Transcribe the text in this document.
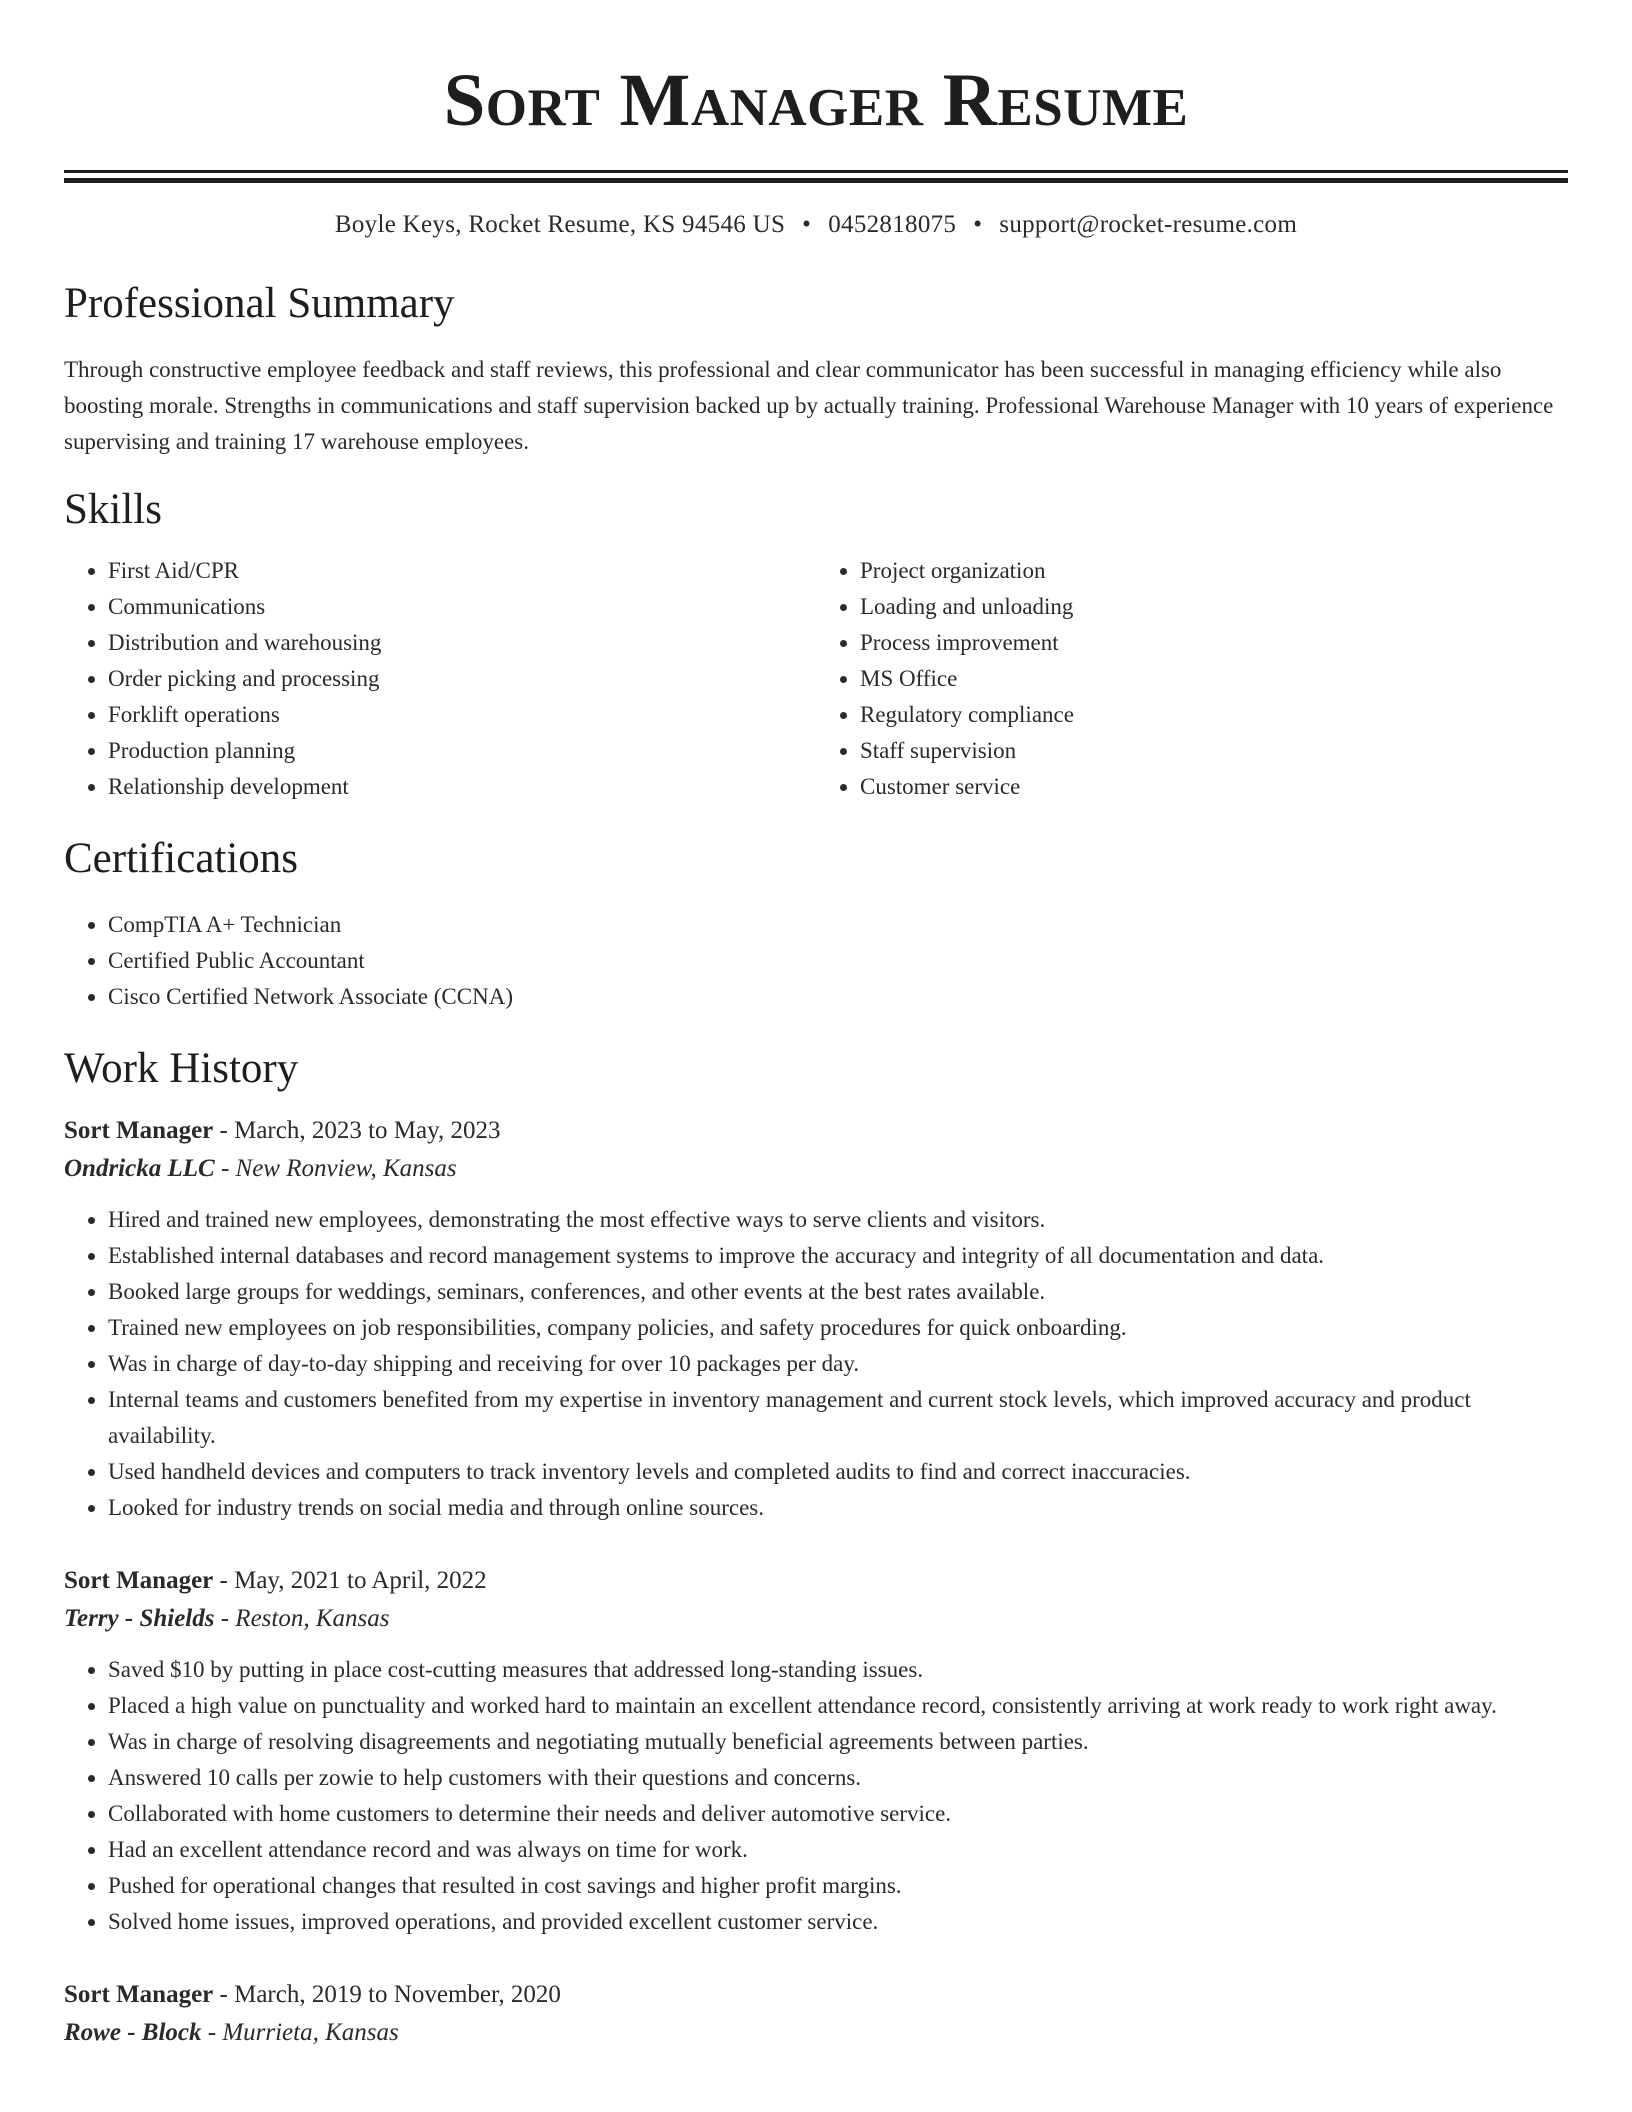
Sort Manager Resume
Boyle Keys, Rocket Resume, KS 94546 US • 0452818075 • support@rocket-resume.com
Professional Summary

Through constructive employee feedback and staff reviews, this professional and clear communicator has been successful in managing efficiency while also boosting morale. Strengths in communications and staff supervision backed up by actually training. Professional Warehouse Manager with 10 years of experience supervising and training 17 warehouse employees.

Skills
• First Aid/CPR
• Communications
• Distribution and warehousing
• Order picking and processing
• Forklift operations
• Production planning
• Relationship development
• Project organization
• Loading and unloading
• Process improvement
• MS Office
• Regulatory compliance
• Staff supervision
• Customer service
Certifications
• CompTIA A+ Technician
• Certified Public Accountant
• Cisco Certified Network Associate (CCNA)
Work History
Sort Manager - March, 2023 to May, 2023
Ondricka LLC - New Ronview, Kansas
• Hired and trained new employees, demonstrating the most effective ways to serve clients and visitors.
• Established internal databases and record management systems to improve the accuracy and integrity of all documentation and data.
• Booked large groups for weddings, seminars, conferences, and other events at the best rates available.
• Trained new employees on job responsibilities, company policies, and safety procedures for quick onboarding.
• Was in charge of day-to-day shipping and receiving for over 10 packages per day.
• Internal teams and customers benefited from my expertise in inventory management and current stock levels, which improved accuracy and product availability.
• Used handheld devices and computers to track inventory levels and completed audits to find and correct inaccuracies.
• Looked for industry trends on social media and through online sources.
Sort Manager - May, 2021 to April, 2022
Terry - Shields - Reston, Kansas
• Saved $10 by putting in place cost-cutting measures that addressed long-standing issues.
• Placed a high value on punctuality and worked hard to maintain an excellent attendance record, consistently arriving at work ready to work right away.
• Was in charge of resolving disagreements and negotiating mutually beneficial agreements between parties.
• Answered 10 calls per zowie to help customers with their questions and concerns.
• Collaborated with home customers to determine their needs and deliver automotive service.
• Had an excellent attendance record and was always on time for work.
• Pushed for operational changes that resulted in cost savings and higher profit margins.
• Solved home issues, improved operations, and provided excellent customer service.
Sort Manager - March, 2019 to November, 2020
Rowe - Block - Murrieta, Kansas
